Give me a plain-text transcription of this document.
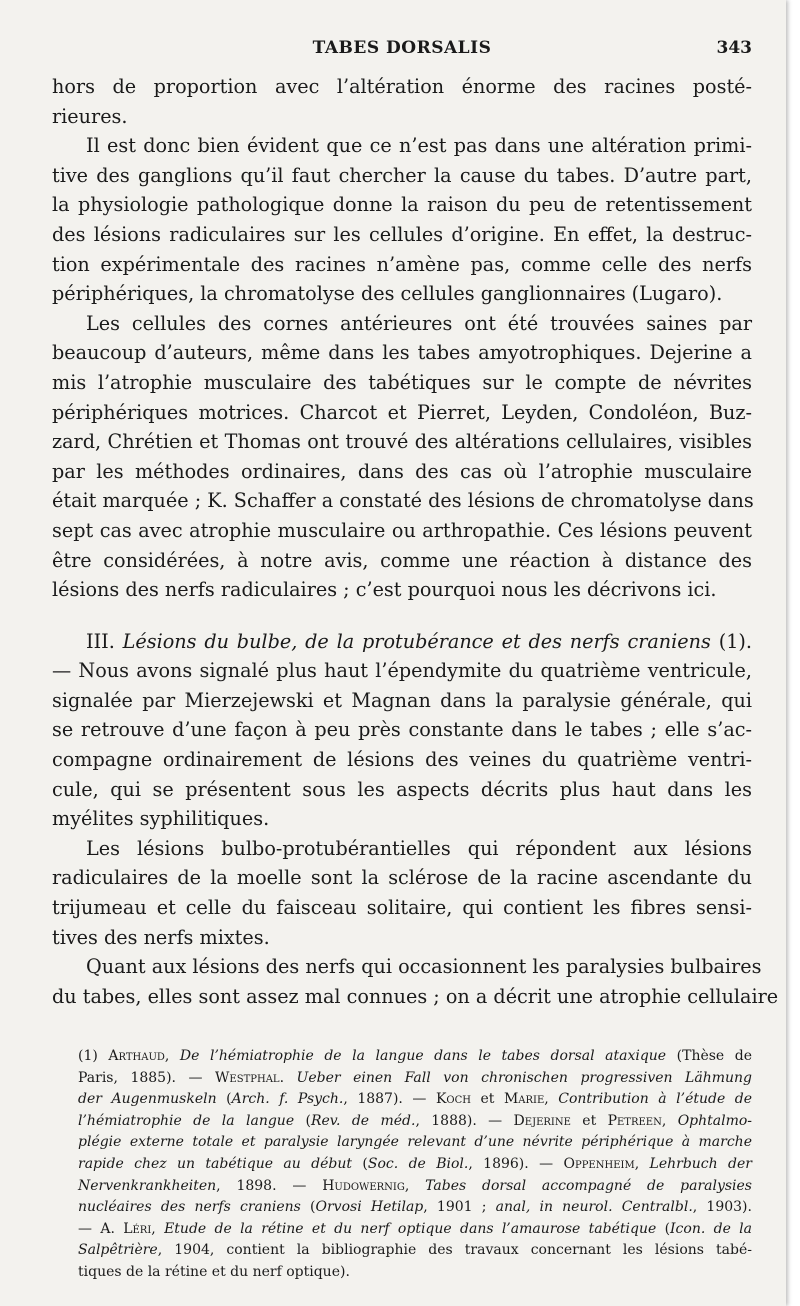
TABES DORSALIS	343
hors de proportion avec l’altération énorme des racines posté-
rieures.
Il est donc bien évident que ce n’est pas dans une altération primi-
tive des ganglions qu’il faut chercher la cause du tabes. D’autre part,
la physiologie pathologique donne la raison du peu de retentissement
des lésions radiculaires sur les cellules d’origine. En effet, la destruc-
tion expérimentale des racines n’amène pas, comme celle des nerfs
périphériques, la chromatolyse des cellules ganglionnaires (Lugaro).
Les cellules des cornes antérieures ont été trouvées saines par
beaucoup d’auteurs, même dans les tabes amyotrophiques. Dejerine a
mis l’atrophie musculaire des tabétiques sur le compte de névrites
périphériques motrices. Charcot et Pierret, Leyden, Condoléon, Buz-
zard, Chrétien et Thomas ont trouvé des altérations cellulaires, visibles
par les méthodes ordinaires, dans des cas où l’atrophie musculaire
était marquée ; K. Schaffer a constaté des lésions de chromatolyse dans
sept cas avec atrophie musculaire ou arthropathie. Ces lésions peuvent
être considérées, à notre avis, comme une réaction à distance des
lésions des nerfs radiculaires ; c’est pourquoi nous les décrivons ici.
III. Lésions du bulbe, de la protubérance et des nerfs craniens (1).
— Nous avons signalé plus haut l’épendymite du quatrième ventricule,
signalée par Mierzejewski et Magnan dans la paralysie générale, qui
se retrouve d’une façon à peu près constante dans le tabes ; elle s’ac-
compagne ordinairement de lésions des veines du quatrième ventri-
cule, qui se présentent sous les aspects décrits plus haut dans les
myélites syphilitiques.
Les lésions bulbo-protubérantielles qui répondent aux lésions
radiculaires de la moelle sont la sclérose de la racine ascendante du
trijumeau et celle du faisceau solitaire, qui contient les fibres sensi-
tives des nerfs mixtes.
Quant aux lésions des nerfs qui occasionnent les paralysies bulbaires
du tabes, elles sont assez mal connues ; on a décrit une atrophie cellulaire
(1) Arthaud, De l’hémiatrophie de la langue dans le tabes dorsal ataxique (Thèse de
Paris, 1885). — Westphal. Ueber einen Fall von chronischen progressiven Lähmung
der Augenmuskeln (Arch. f. Psych., 1887). — Koch et Marie, Contribution à l’étude de
l’hémiatrophie de la langue (Rev. de méd., 1888). — Dejerine et Petreen, Ophtalmo-
plégie externe totale et paralysie laryngée relevant d’une névrite périphérique à marche
rapide chez un tabétique au début (Soc. de Biol., 1896). — Oppenheim, Lehrbuch der
Nervenkrankheiten, 1898. — Hudowernig, Tabes dorsal accompagné de paralysies
nucléaires des nerfs craniens (Orvosi Hetilap, 1901 ; anal, in neurol. Centralbl., 1903).
— A. Léri, Etude de la rétine et du nerf optique dans l’amaurose tabétique (Icon. de la
Salpêtrière, 1904, contient la bibliographie des travaux concernant les lésions tabé-
tiques de la rétine et du nerf optique).
